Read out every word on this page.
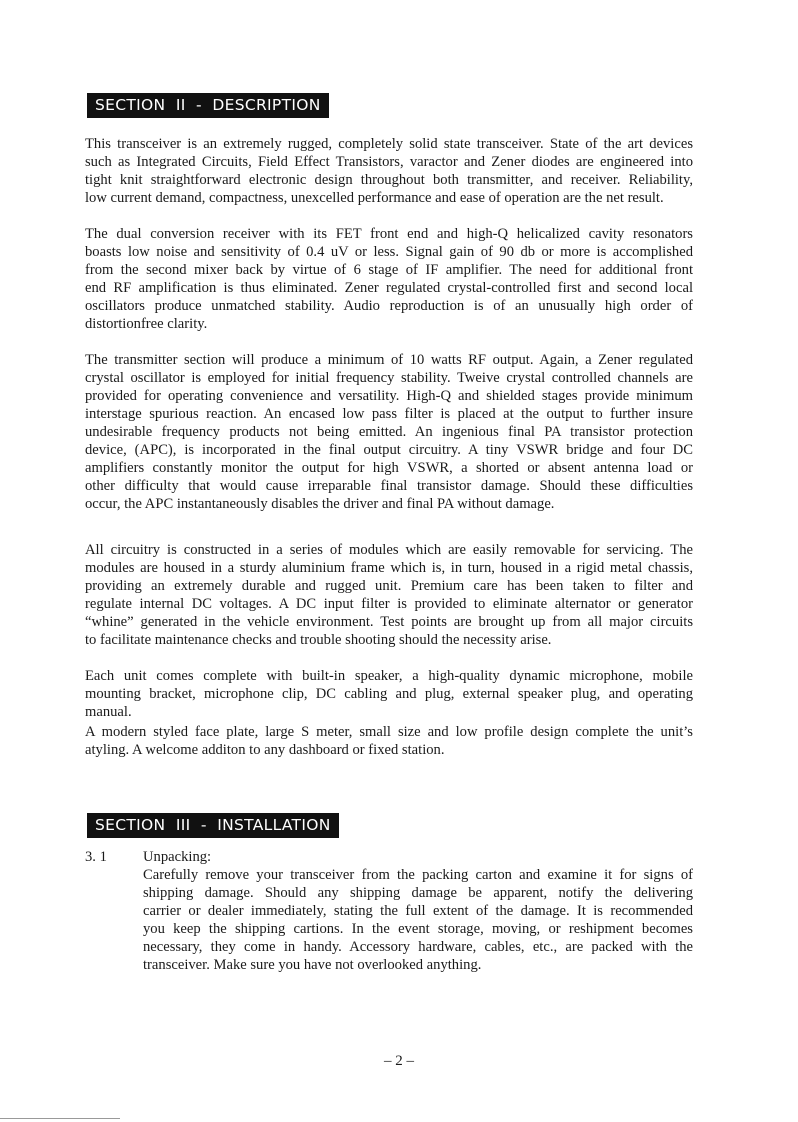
SECTION  II  -  DESCRIPTION
This transceiver is an extremely rugged, completely solid state transceiver. State of the art devices
such as Integrated Circuits, Field Effect Transistors, varactor and Zener diodes are engineered into
tight knit straightforward electronic design throughout both transmitter, and receiver. Reliability,
low current demand, compactness, unexcelled performance and ease of operation are the net result.
The dual conversion receiver with its FET front end and high-Q helicalized cavity resonators
boasts low noise and sensitivity of 0.4 uV or less. Signal gain of 90 db or more is accomplished
from the second mixer back by virtue of 6 stage of IF amplifier. The need for additional front
end RF amplification is thus eliminated. Zener regulated crystal-controlled first and second local
oscillators produce unmatched stability. Audio reproduction is of an unusually high order of
distortionfree clarity.
The transmitter section will produce a minimum of 10 watts RF output. Again, a Zener regulated
crystal oscillator is employed for initial frequency stability. Tweive crystal controlled channels are
provided for operating convenience and versatility. High-Q and shielded stages provide minimum
interstage spurious reaction. An encased low pass filter is placed at the output to further insure
undesirable frequency products not being emitted. An ingenious final PA transistor protection
device, (APC), is incorporated in the final output circuitry. A tiny VSWR bridge and four DC
amplifiers constantly monitor the output for high VSWR, a shorted or absent antenna load or
other difficulty that would cause irreparable final transistor damage. Should these difficulties
occur, the APC instantaneously disables the driver and final PA without damage.
All circuitry is constructed in a series of modules which are easily removable for servicing. The
modules are housed in a sturdy aluminium frame which is, in turn, housed in a rigid metal chassis,
providing an extremely durable and rugged unit. Premium care has been taken to filter and
regulate internal DC voltages. A DC input filter is provided to eliminate alternator or generator
“whine” generated in the vehicle environment. Test points are brought up from all major circuits
to facilitate maintenance checks and trouble shooting should the necessity arise.
Each unit comes complete with built-in speaker, a high-quality dynamic microphone, mobile
mounting bracket, microphone clip, DC cabling and plug, external speaker plug, and operating
manual.
A modern styled face plate, large S meter, small size and low profile design complete the unit’s
atyling. A welcome additon to any dashboard or fixed station.
SECTION  III  -  INSTALLATION
3. 1 Unpacking:
Carefully remove your transceiver from the packing carton and examine it for signs of
shipping damage. Should any shipping damage be apparent, notify the delivering
carrier or dealer immediately, stating the full extent of the damage. It is recommended
you keep the shipping cartions. In the event storage, moving, or reshipment becomes
necessary, they come in handy. Accessory hardware, cables, etc., are packed with the
transceiver. Make sure you have not overlooked anything.
– 2 –
